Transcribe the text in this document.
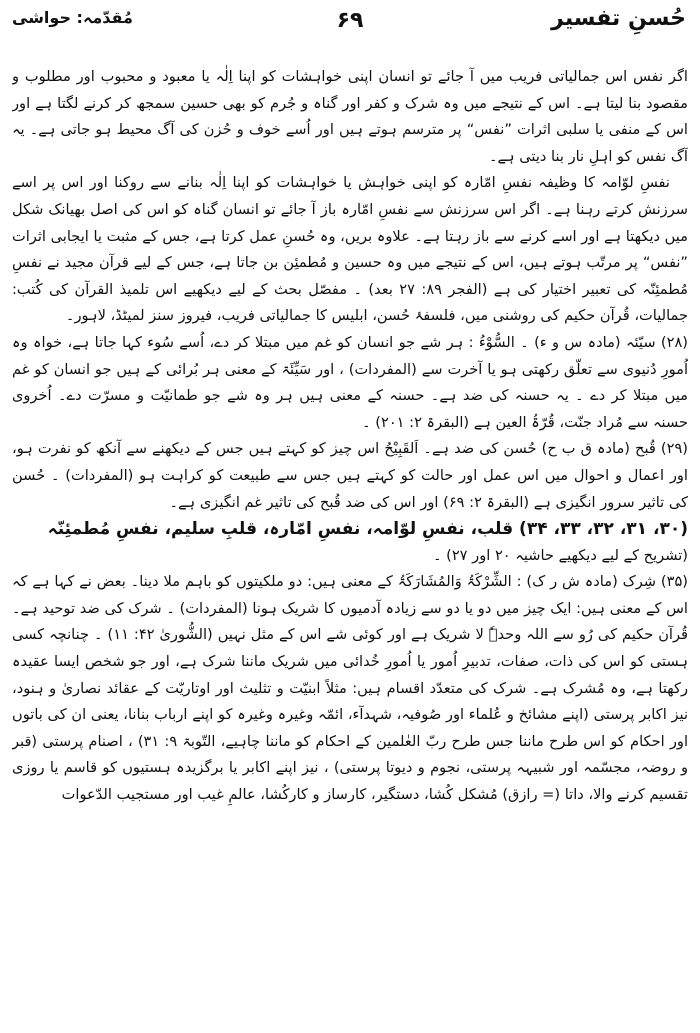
حُسنِ تفسیر
۶۹
مُقدّمہ: حواشی

اگر نفس اس جمالیاتی فریب میں آ جائے تو انسان اپنی خواہشات کو اپنا اِلٰہ یا معبود و محبوب اور مطلوب و مقصود بنا لیتا ہے۔ اس کے نتیجے میں وہ شرک و کفر اور گناہ و جُرم کو بھی حسین سمجھ کر کرنے لگتا ہے اور اس کے منفی یا سلبی اثرات ”نفس“ پر مترسم ہوتے ہیں اور اُسے خوف و حُزن کی آگ محیط ہو جاتی ہے۔ یہ آگ نفس کو اہلِ نار بنا دیتی ہے۔

نفسِ لوّامہ کا وظیفہ نفسِ امّارہ کو اپنی خواہش یا خواہشات کو اپنا اِلٰہ بنانے سے روکنا اور اس پر اسے سرزنش کرتے رہنا ہے۔ اگر اس سرزنش سے نفسِ امّارہ باز آ جائے تو انسان گناہ کو اس کی اصل بھیانک شکل میں دیکھتا ہے اور اسے کرنے سے باز رہتا ہے۔ علاوہ بریں، وہ حُسنِ عمل کرتا ہے، جس کے مثبت یا ایجابی اثرات ”نفس“ پر مرتّب ہوتے ہیں، اس کے نتیجے میں وہ حسین و مُطمئِن بن جاتا ہے، جس کے لیے قرآن مجید نے نفسِ مُطمئِنّہ کی تعبیر اختیار کی ہے (الفجر ۸۹: ۲۷ بعد) ۔ مفصّل بحث کے لیے دیکھیے اس تلمیذ القرآن کی کُتب: جمالیات، قُرآن حکیم کی روشنی میں، فلسفۂ حُسن، ابلیس کا جمالیاتی فریب، فیروز سنز لمیٹڈ، لاہور۔

(۲۸) سیّئہ (مادہ س و ء) ۔ السُّوْءُ : ہر شے جو انسان کو غم میں مبتلا کر دے، اُسے سُوء کہا جاتا ہے، خواہ وہ اُمورِ دُنیوی سے تعلّق رکھتی ہو یا آخرت سے (المفردات) ، اور سَیِّئَۃ کے معنی ہر بُرائی کے ہیں جو انسان کو غم میں مبتلا کر دے ۔ یہ حسنہ کی ضد ہے۔ حسنہ کے معنی ہیں ہر وہ شے جو طمانیّت و مسرّت دے۔ اُخروی حسنہ سے مُراد جنّت، قُرّۃُ العین ہے (البقرۃ ۲: ۲۰۱) ۔

(۲۹) قُبح (مادہ ق ب ح) حُسن کی ضد ہے۔ اَلقَبِیْحُ اس چیز کو کہتے ہیں جس کے دیکھنے سے آنکھ کو نفرت ہو، اور اعمال و احوال میں اس عمل اور حالت کو کہتے ہیں جس سے طبیعت کو کراہت ہو (المفردات) ۔ حُسن کی تاثیر سرور انگیزی ہے (البقرۃ ۲: ۶۹) اور اس کی ضد قُبح کی تاثیر غم انگیزی ہے۔

(۳۰، ۳۱، ۳۲، ۳۳، ۳۴) قلب، نفسِ لوّامہ، نفسِ امّارہ، قلبِ سلیم، نفسِ مُطمئِنّہ

(تشریح کے لیے دیکھیے حاشیہ ۲۰ اور ۲۷) ۔

(۳۵) شِرک (مادہ ش ر ک) : الشِّرْکَۃُ وَالمُشَارَکَۃُ کے معنی ہیں: دو ملکیتوں کو باہم ملا دینا۔ بعض نے کہا ہے کہ اس کے معنی ہیں: ایک چیز میں دو یا دو سے زیادہ آدمیوں کا شریک ہونا (المفردات) ۔ شرک کی ضد توحید ہے۔ قُرآن حکیم کی رُو سے اللہ وحدہٗ لا شریک ہے اور کوئی شے اس کے مثل نہیں (الشُّوریٰ ۴۲: ۱۱) ۔ چنانچہ کسی ہستی کو اس کی ذات، صفات، تدبیرِ اُمور یا اُمورِ خُدائی میں شریک ماننا شرک ہے، اور جو شخص ایسا عقیدہ رکھتا ہے، وہ مُشرک ہے۔ شرک کی متعدّد اقسام ہیں: مثلاً ابنیّت و تثلیث اور اوتاریّت کے عقائد نصاریٰ و ہنود، نیز اکابر پرستی (اپنے مشائخ و عُلماء اور صُوفیہ، شہدآء، ائمّہ وغیرہ وغیرہ کو اپنے ارباب بنانا، یعنی ان کی باتوں اور احکام کو اس طرح ماننا جس طرح ربّ العٰلمین کے احکام کو ماننا چاہیے، التّوبۃ ۹: ۳۱) ، اصنام پرستی (قبر و روضہ، مجسّمہ اور شبیہہ پرستی، نجوم و دیوتا پرستی) ، نیز اپنے اکابر یا برگزیدہ ہستیوں کو قاسم یا روزی تقسیم کرنے والا، داتا (= رازق) مُشکل کُشا، دستگیر، کارساز و کارکُشا، عالمِ غیب اور مستجیب الدّعوات
